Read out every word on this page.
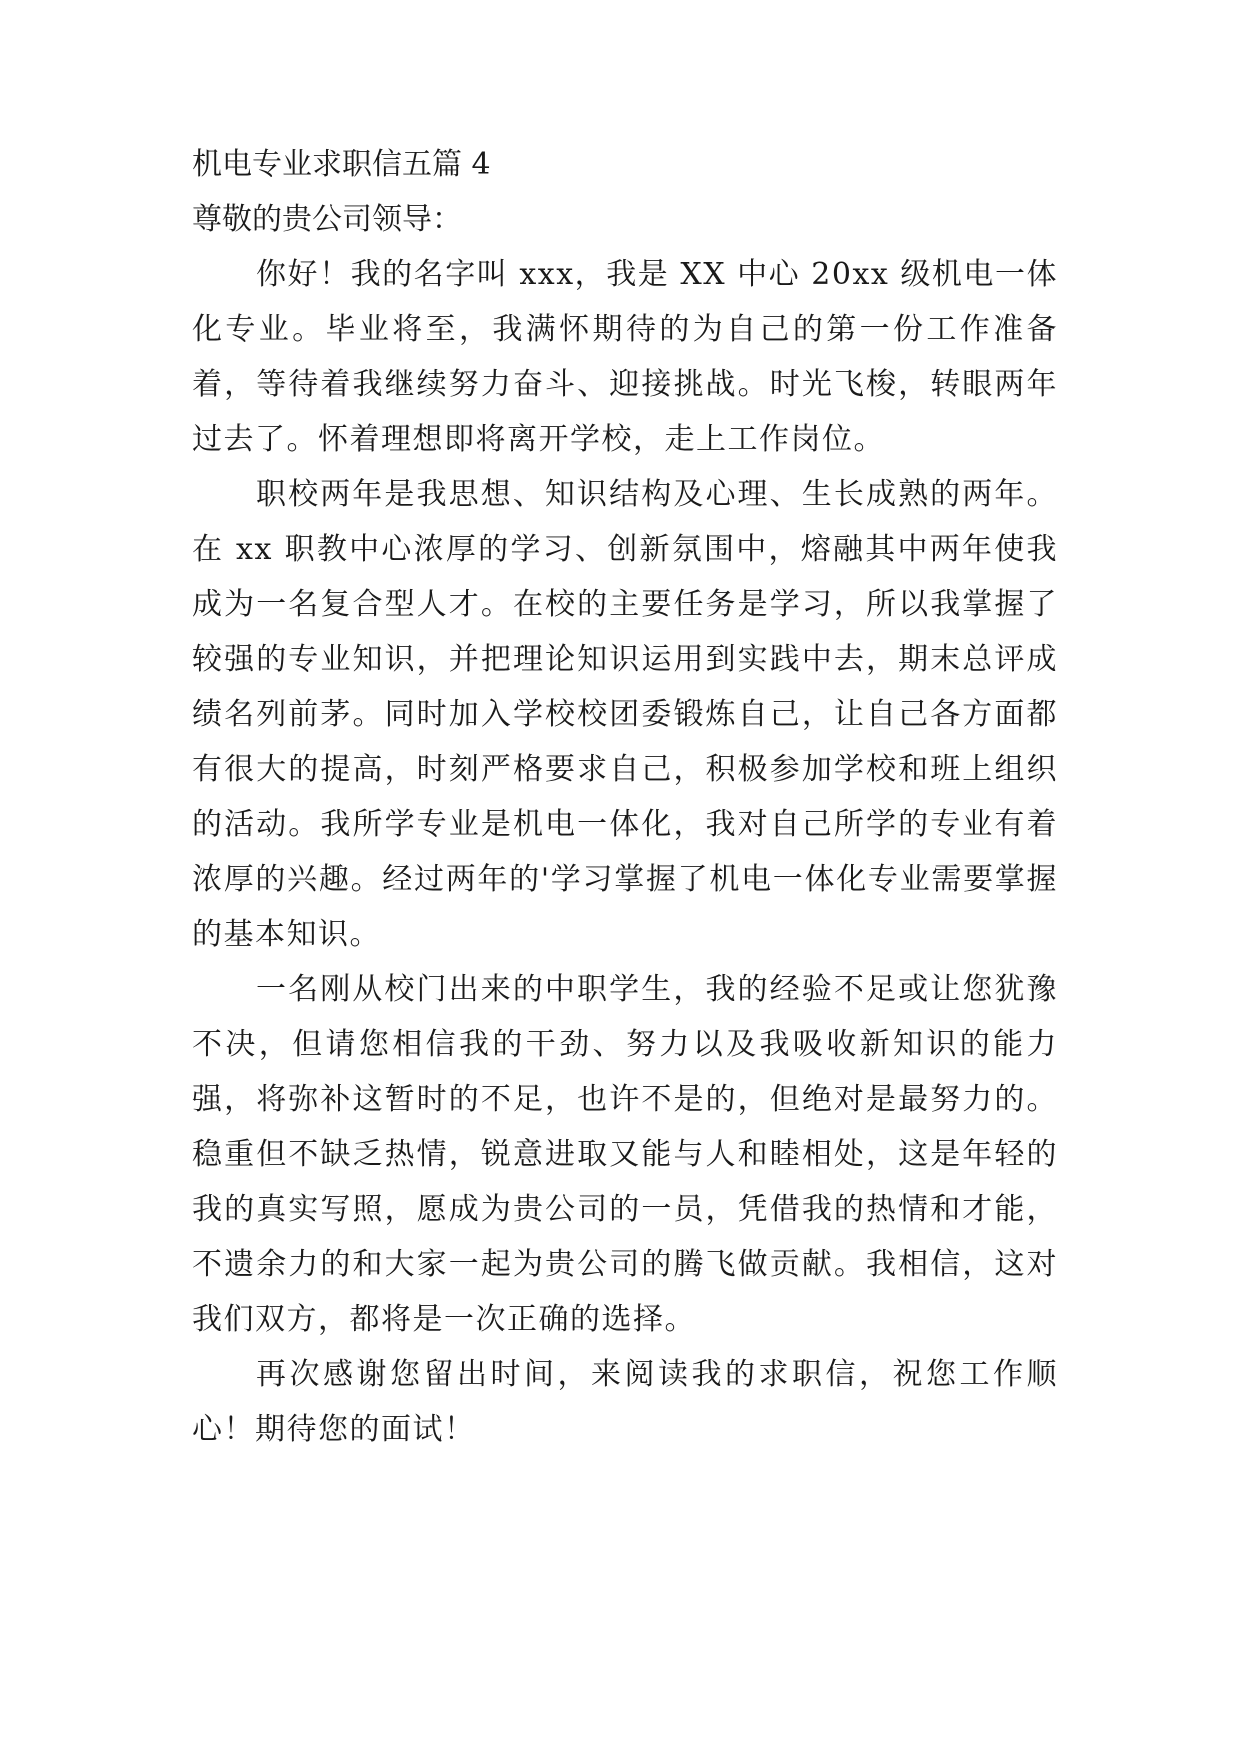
机电专业求职信五篇 4

尊敬的贵公司领导：

你好！我的名字叫 xxx，我是 XX 中心 20xx 级机电一体化专业。毕业将至，我满怀期待的为自己的第一份工作准备着，等待着我继续努力奋斗、迎接挑战。时光飞梭，转眼两年过去了。怀着理想即将离开学校，走上工作岗位。

职校两年是我思想、知识结构及心理、生长成熟的两年。在 xx 职教中心浓厚的学习、创新氛围中，熔融其中两年使我成为一名复合型人才。在校的主要任务是学习，所以我掌握了较强的专业知识，并把理论知识运用到实践中去，期末总评成绩名列前茅。同时加入学校校团委锻炼自己，让自己各方面都有很大的提高，时刻严格要求自己，积极参加学校和班上组织的活动。我所学专业是机电一体化，我对自己所学的专业有着浓厚的兴趣。经过两年的'学习掌握了机电一体化专业需要掌握的基本知识。

一名刚从校门出来的中职学生，我的经验不足或让您犹豫不决，但请您相信我的干劲、努力以及我吸收新知识的能力强，将弥补这暂时的不足，也许不是的，但绝对是最努力的。稳重但不缺乏热情，锐意进取又能与人和睦相处，这是年轻的我的真实写照，愿成为贵公司的一员，凭借我的热情和才能，不遗余力的和大家一起为贵公司的腾飞做贡献。我相信，这对我们双方，都将是一次正确的选择。

再次感谢您留出时间，来阅读我的求职信，祝您工作顺心！期待您的面试！
